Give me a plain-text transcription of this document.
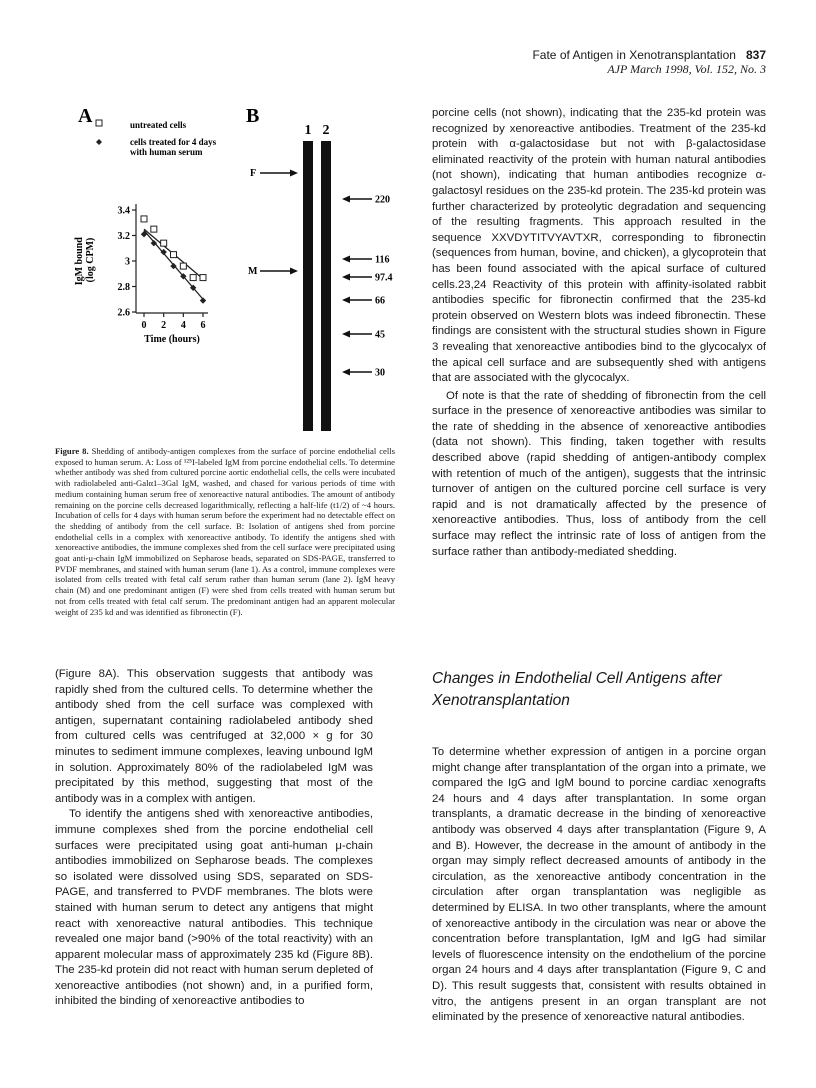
Fate of Antigen in Xenotransplantation 837
AJP March 1998, Vol. 152, No. 3
A	untreated cells
cells treated for 4 days with human serum
3.4
3.2
3
2.8
2.6
0 2 4 6
IgM bound (log CPM)
Time (hours)
B
1 2
F
M
220
116
97.4
66
45
30
Figure 8. Shedding of antibody-antigen complexes from the surface of porcine endothelial cells exposed to human serum. A: Loss of ¹²⁵I-labeled IgM from porcine endothelial cells. To determine whether antibody was shed from cultured porcine aortic endothelial cells, the cells were incubated with radiolabeled anti-Galα1–3Gal IgM, washed, and chased for various periods of time with medium containing human serum free of xenoreactive natural antibodies. The amount of antibody remaining on the porcine cells decreased logarithmically, reflecting a half-life (t1/2) of ~4 hours. Incubation of cells for 4 days with human serum before the experiment had no detectable effect on the shedding of antibody from the cell surface. B: Isolation of antigens shed from porcine endothelial cells in a complex with xenoreactive antibody. To identify the antigens shed with xenoreactive antibodies, the immune complexes shed from the cell surface were precipitated using goat anti-μ-chain IgM immobilized on Sepharose beads, separated on SDS-PAGE, transferred to PVDF membranes, and stained with human serum (lane 1). As a control, immune complexes were isolated from cells treated with fetal calf serum rather than human serum (lane 2). IgM heavy chain (M) and one predominant antigen (F) were shed from cells treated with human serum but not from cells treated with fetal calf serum. The predominant antigen had an apparent molecular weight of 235 kd and was identified as fibronectin (F).

(Figure 8A). This observation suggests that antibody was rapidly shed from the cultured cells. To determine whether the antibody shed from the cell surface was complexed with antigen, supernatant containing radiolabeled antibody shed from cultured cells was centrifuged at 32,000 × g for 30 minutes to sediment immune complexes, leaving unbound IgM in solution. Approximately 80% of the radiolabeled IgM was precipitated by this method, suggesting that most of the antibody was in a complex with antigen.

To identify the antigens shed with xenoreactive antibodies, immune complexes shed from the porcine endothelial cell surfaces were precipitated using goat anti-human μ-chain antibodies immobilized on Sepharose beads. The complexes so isolated were dissolved using SDS, separated on SDS-PAGE, and transferred to PVDF membranes. The blots were stained with human serum to detect any antigens that might react with xenoreactive natural antibodies. This technique revealed one major band (>90% of the total reactivity) with an apparent molecular mass of approximately 235 kd (Figure 8B). The 235-kd protein did not react with human serum depleted of xenoreactive antibodies (not shown) and, in a purified form, inhibited the binding of xenoreactive antibodies to

porcine cells (not shown), indicating that the 235-kd protein was recognized by xenoreactive antibodies. Treatment of the 235-kd protein with α-galactosidase but not with β-galactosidase eliminated reactivity of the protein with human natural antibodies (not shown), indicating that human antibodies recognize α-galactosyl residues on the 235-kd protein. The 235-kd protein was further characterized by proteolytic degradation and sequencing of the resulting fragments. This approach resulted in the sequence XXVDYTITVYAVTXR, corresponding to fibronectin (sequences from human, bovine, and chicken), a glycoprotein that has been found associated with the apical surface of cultured cells.23,24 Reactivity of this protein with affinity-isolated rabbit antibodies specific for fibronectin confirmed that the 235-kd protein observed on Western blots was indeed fibronectin. These findings are consistent with the structural studies shown in Figure 3 revealing that xenoreactive antibodies bind to the glycocalyx of the apical cell surface and are subsequently shed with antigens that are associated with the glycocalyx.

Of note is that the rate of shedding of fibronectin from the cell surface in the presence of xenoreactive antibodies was similar to the rate of shedding in the absence of xenoreactive antibodies (data not shown). This finding, taken together with results described above (rapid shedding of antigen-antibody complex with retention of much of the antigen), suggests that the intrinsic turnover of antigen on the cultured porcine cell surface is very rapid and is not dramatically affected by the presence of xenoreactive antibodies. Thus, loss of antibody from the cell surface may reflect the intrinsic rate of loss of antigen from the surface rather than antibody-mediated shedding.

Changes in Endothelial Cell Antigens after Xenotransplantation

To determine whether expression of antigen in a porcine organ might change after transplantation of the organ into a primate, we compared the IgG and IgM bound to porcine cardiac xenografts 24 hours and 4 days after transplantation. In some organ transplants, a dramatic decrease in the binding of xenoreactive antibody was observed 4 days after transplantation (Figure 9, A and B). However, the decrease in the amount of antibody in the organ may simply reflect decreased amounts of antibody in the circulation, as the xenoreactive antibody concentration in the circulation after organ transplantation was negligible as determined by ELISA. In two other transplants, where the amount of xenoreactive antibody in the circulation was near or above the concentration before transplantation, IgM and IgG had similar levels of fluorescence intensity on the endothelium of the porcine organ 24 hours and 4 days after transplantation (Figure 9, C and D). This result suggests that, consistent with results obtained in vitro, the antigens present in an organ transplant are not eliminated by the presence of xenoreactive natural antibodies.
